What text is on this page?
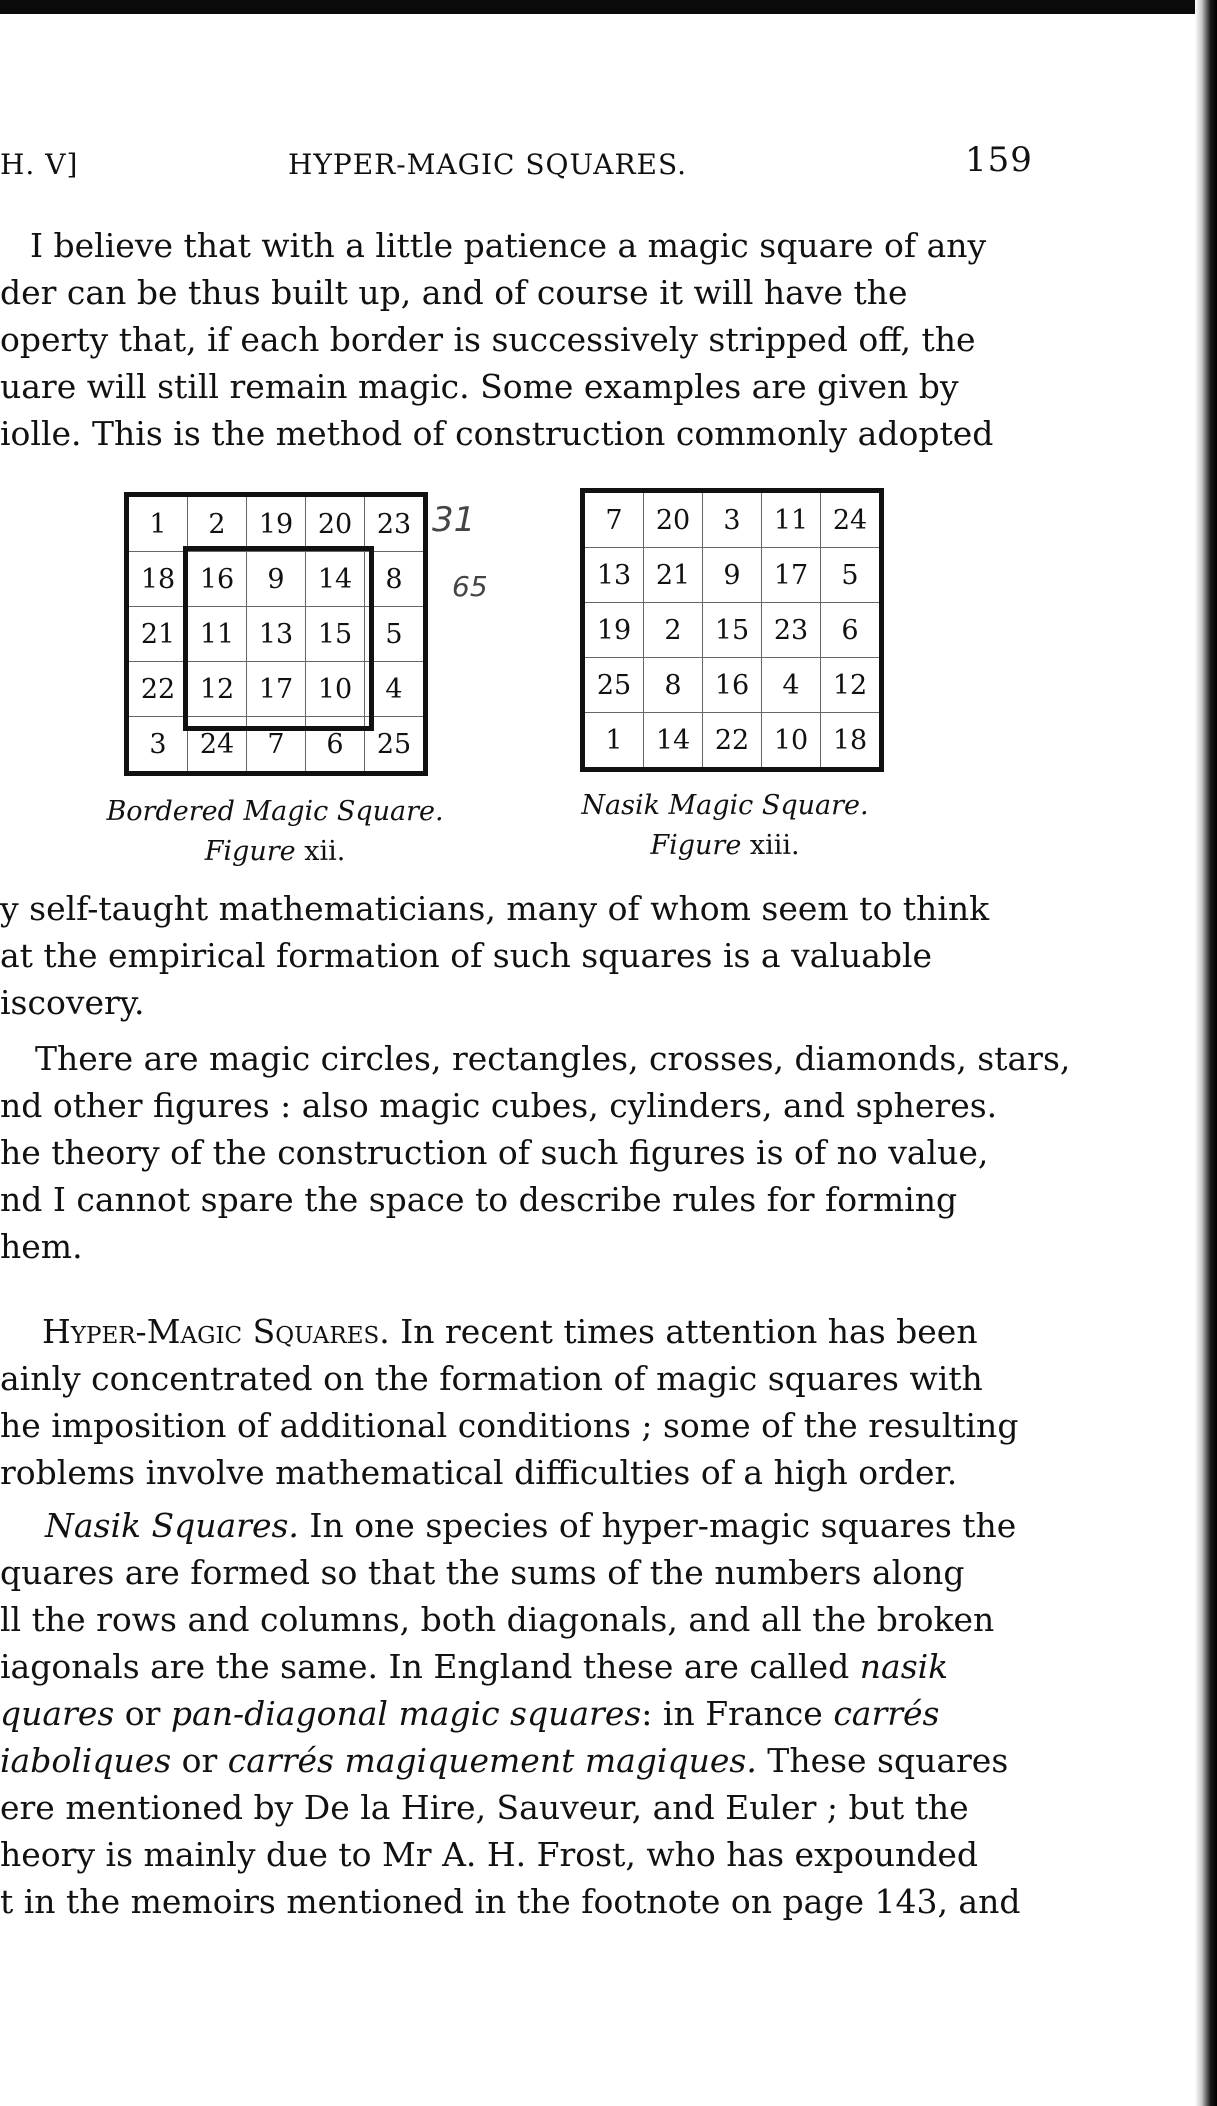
H. V]	HYPER-MAGIC SQUARES.	159

I believe that with a little patience a magic square of any
der can be thus built up, and of course it will have the
operty that, if each border is successively stripped off, the
uare will still remain magic. Some examples are given by
iolle. This is the method of construction commonly adopted

1	2	19	20	23
18	16	9	14	8
21	11	13	15	5
22	12	17	10	4
3	24	7	6	25
7	20	3	11	24
13	21	9	17	5
19	2	15	23	6
25	8	16	4	12
1	14	22	10	18
Bordered Magic Square.
Figure xii.
Nasik Magic Square.
Figure xiii.
31
65

y self-taught mathematicians, many of whom seem to think
at the empirical formation of such squares is a valuable
iscovery.

There are magic circles, rectangles, crosses, diamonds, stars,
nd other figures : also magic cubes, cylinders, and spheres.
he theory of the construction of such figures is of no value,
nd I cannot spare the space to describe rules for forming
hem.

Hyper-Magic Squares. In recent times attention has been
ainly concentrated on the formation of magic squares with
he imposition of additional conditions ; some of the resulting
roblems involve mathematical difficulties of a high order.

Nasik Squares. In one species of hyper-magic squares the
quares are formed so that the sums of the numbers along
ll the rows and columns, both diagonals, and all the broken
iagonals are the same. In England these are called nasik
quares or pan-diagonal magic squares: in France carrés
iaboliques or carrés magiquement magiques. These squares
ere mentioned by De la Hire, Sauveur, and Euler ; but the
heory is mainly due to Mr A. H. Frost, who has expounded
t in the memoirs mentioned in the footnote on page 143, and
